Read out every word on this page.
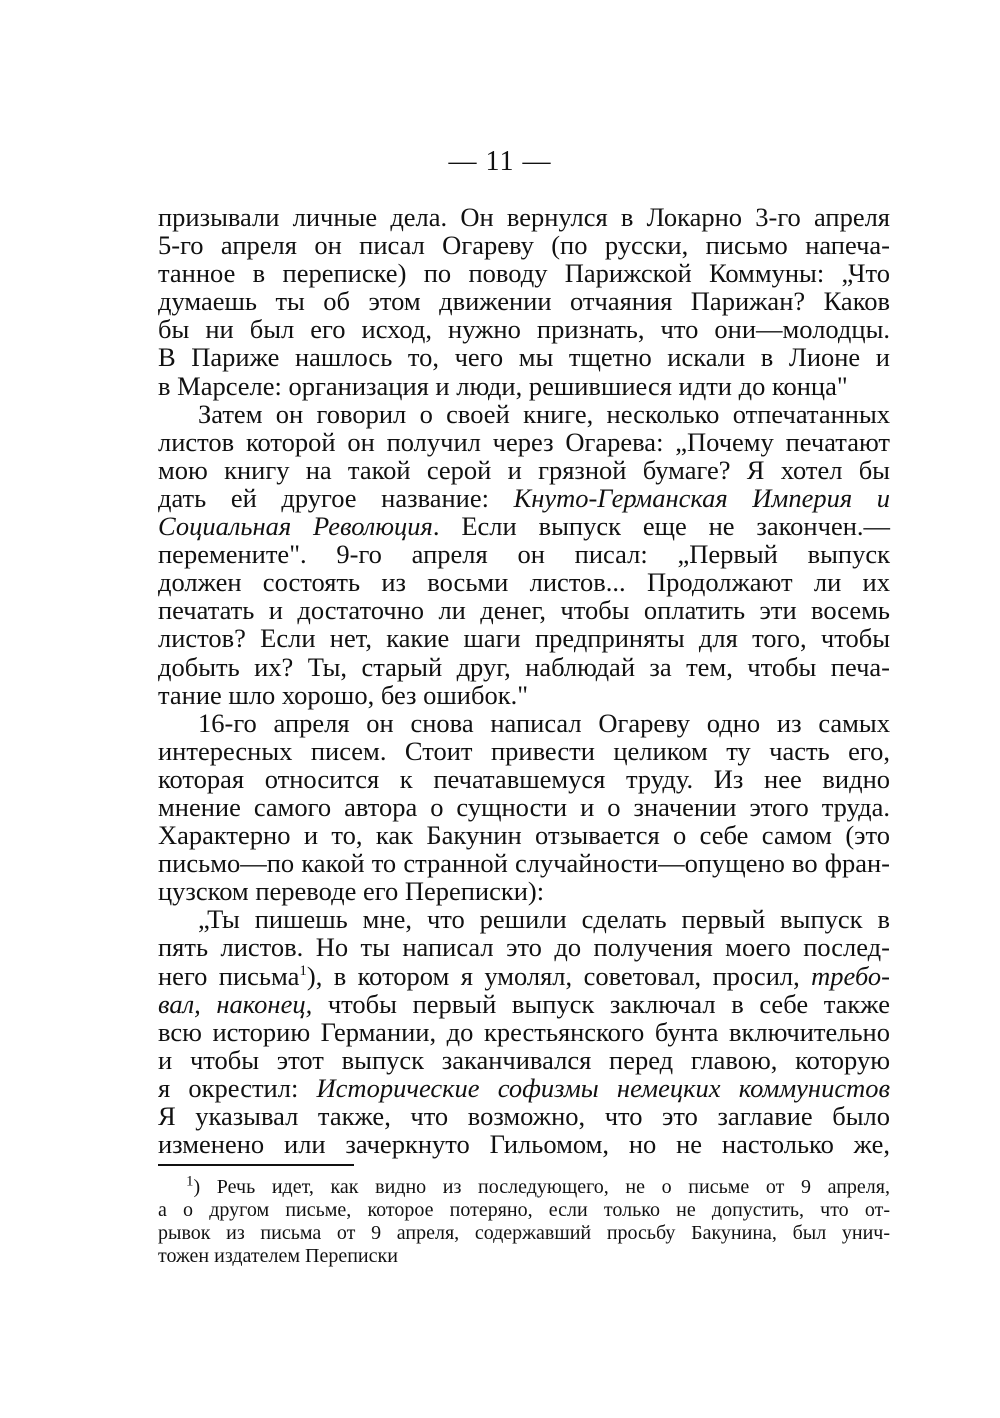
— 11 —
призывали личные дела. Он вернулся в Локарно 3-го апреля
5-го апреля он писал Огареву (по русски, письмо напеча-
танное в переписке) по поводу Парижской Коммуны: „Что
думаешь ты об этом движении отчаяния Парижан? Каков
бы ни был его исход, нужно признать, что они—молодцы.
В Париже нашлось то, чего мы тщетно искали в Лионе и
в Марселе: организация и люди, решившиеся идти до конца"
Затем он говорил о своей книге, несколько отпечатанных
листов которой он получил через Огарева: „Почему печатают
мою книгу на такой серой и грязной бумаге? Я хотел бы
дать ей другое название: Кнуто-Германская Империя и
Социальная Революция. Если выпуск еще не закончен.—
перемените". 9-го апреля он писал: „Первый выпуск
должен состоять из восьми листов... Продолжают ли их
печатать и достаточно ли денег, чтобы оплатить эти восемь
листов? Если нет, какие шаги предприняты для того, чтобы
добыть их? Ты, старый друг, наблюдай за тем, чтобы печа-
тание шло хорошо, без ошибок."
16-го апреля он снова написал Огареву одно из самых
интересных писем. Стоит привести целиком ту часть его,
которая относится к печатавшемуся труду. Из нее видно
мнение самого автора о сущности и о значении этого труда.
Характерно и то, как Бакунин отзывается о себе самом (это
письмо—по какой то странной случайности—опущено во фран-
цузском переводе его Переписки):
„Ты пишешь мне, что решили сделать первый выпуск в
пять листов. Но ты написал это до получения моего послед-
него письма$^1$), в котором я умолял, советовал, просил, требо-
вал, наконец, чтобы первый выпуск заключал в себе также
всю историю Германии, до крестьянского бунта включительно
и чтобы этот выпуск заканчивался перед главою, которую
я окрестил: Исторические софизмы немецких коммунистов
Я указывал также, что возможно, что это заглавие было
изменено или зачеркнуто Гильомом, но не настолько же,
$^1$) Речь идет, как видно из последующего, не о письме от 9 апреля,
а о другом письме, которое потеряно, если только не допустить, что от-
рывок из письма от 9 апреля, содержавший просьбу Бакунина, был унич-
тожен издателем Переписки
